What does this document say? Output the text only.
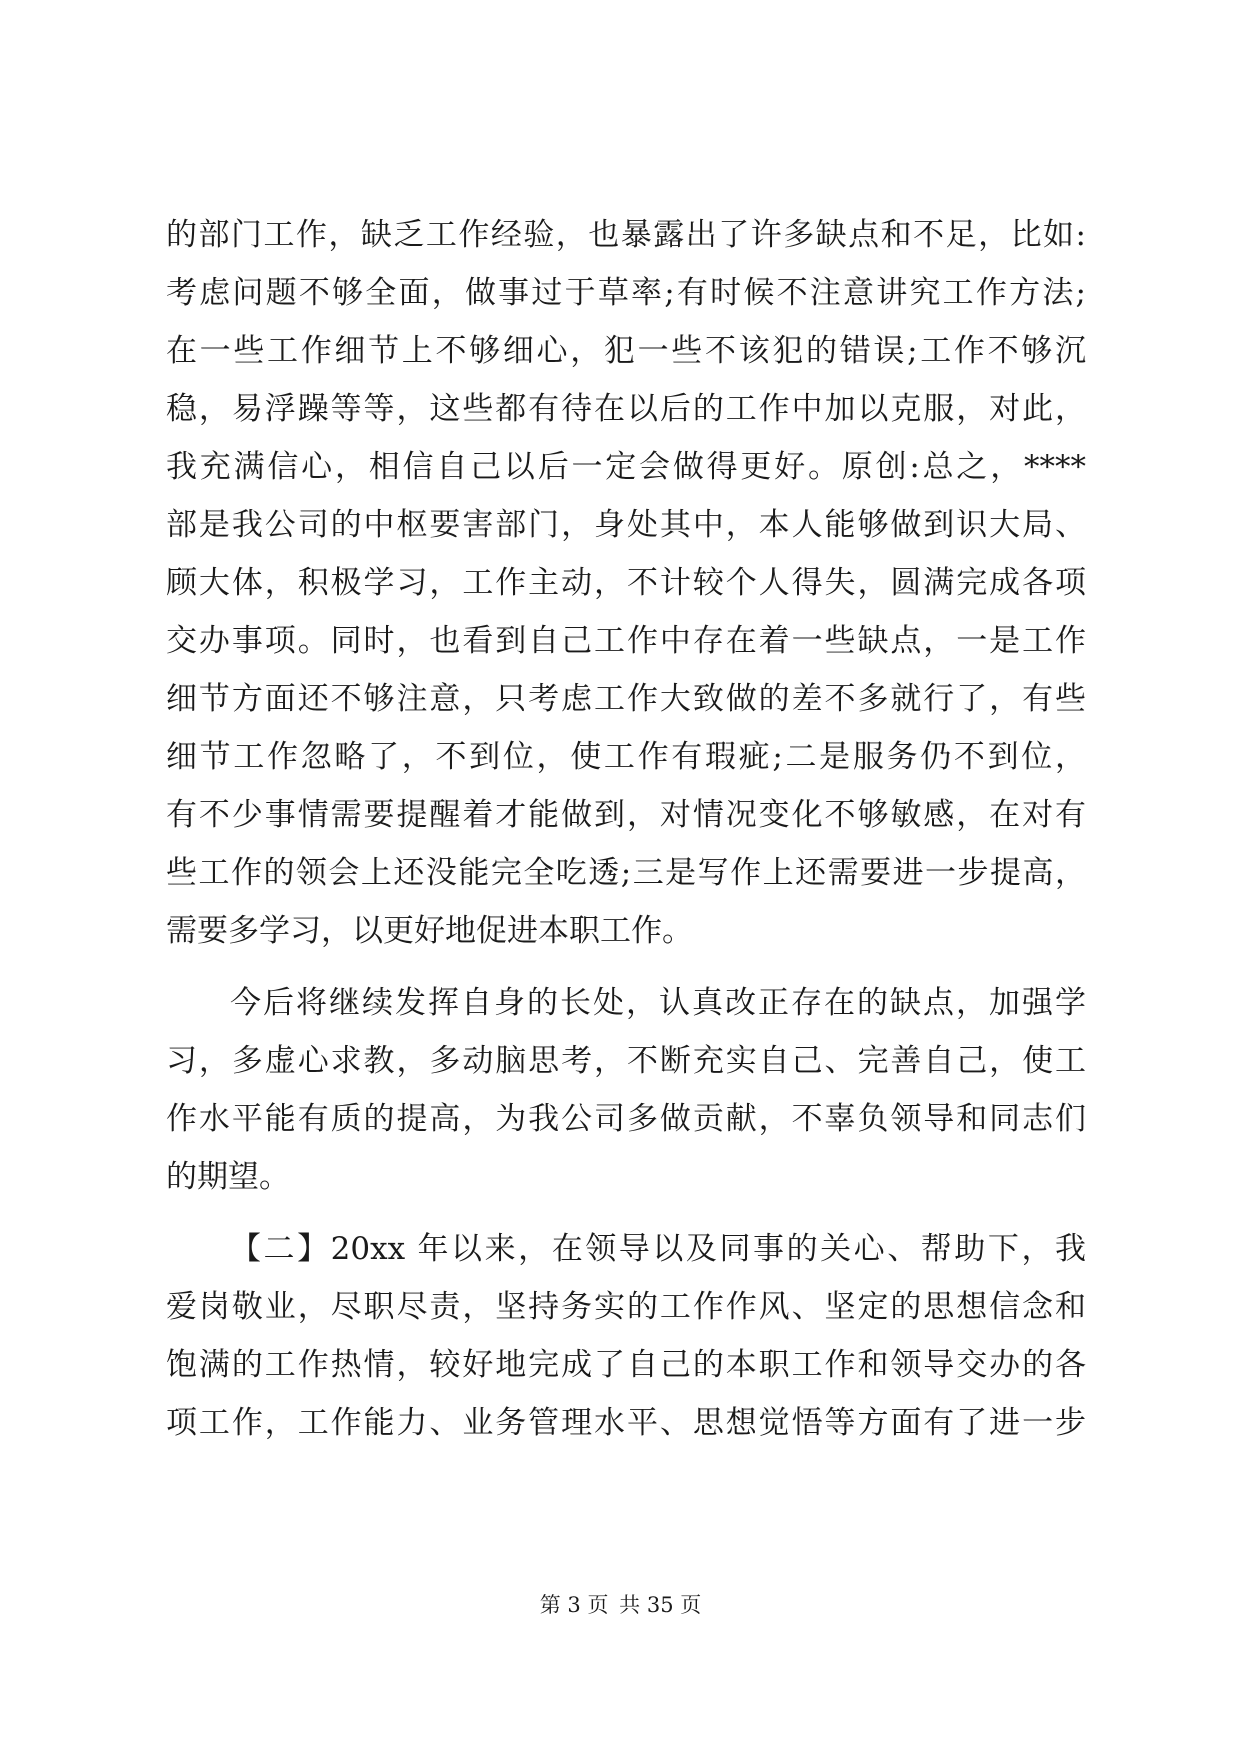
的部门工作，缺乏工作经验，也暴露出了许多缺点和不足，比如:
考虑问题不够全面，做事过于草率;有时候不注意讲究工作方法;
在一些工作细节上不够细心，犯一些不该犯的错误;工作不够沉
稳，易浮躁等等，这些都有待在以后的工作中加以克服，对此，
我充满信心，相信自己以后一定会做得更好。原创:总之，****
部是我公司的中枢要害部门，身处其中，本人能够做到识大局、
顾大体，积极学习，工作主动，不计较个人得失，圆满完成各项
交办事项。同时，也看到自己工作中存在着一些缺点，一是工作
细节方面还不够注意，只考虑工作大致做的差不多就行了，有些
细节工作忽略了，不到位，使工作有瑕疵;二是服务仍不到位，
有不少事情需要提醒着才能做到，对情况变化不够敏感，在对有
些工作的领会上还没能完全吃透;三是写作上还需要进一步提高，
需要多学习，以更好地促进本职工作。
今后将继续发挥自身的长处，认真改正存在的缺点，加强学
习，多虚心求教，多动脑思考，不断充实自己、完善自己，使工
作水平能有质的提高，为我公司多做贡献，不辜负领导和同志们
的期望。
【二】20xx 年以来，在领导以及同事的关心、帮助下，我
爱岗敬业，尽职尽责，坚持务实的工作作风、坚定的思想信念和
饱满的工作热情，较好地完成了自己的本职工作和领导交办的各
项工作，工作能力、业务管理水平、思想觉悟等方面有了进一步
第 3 页 共 35 页
